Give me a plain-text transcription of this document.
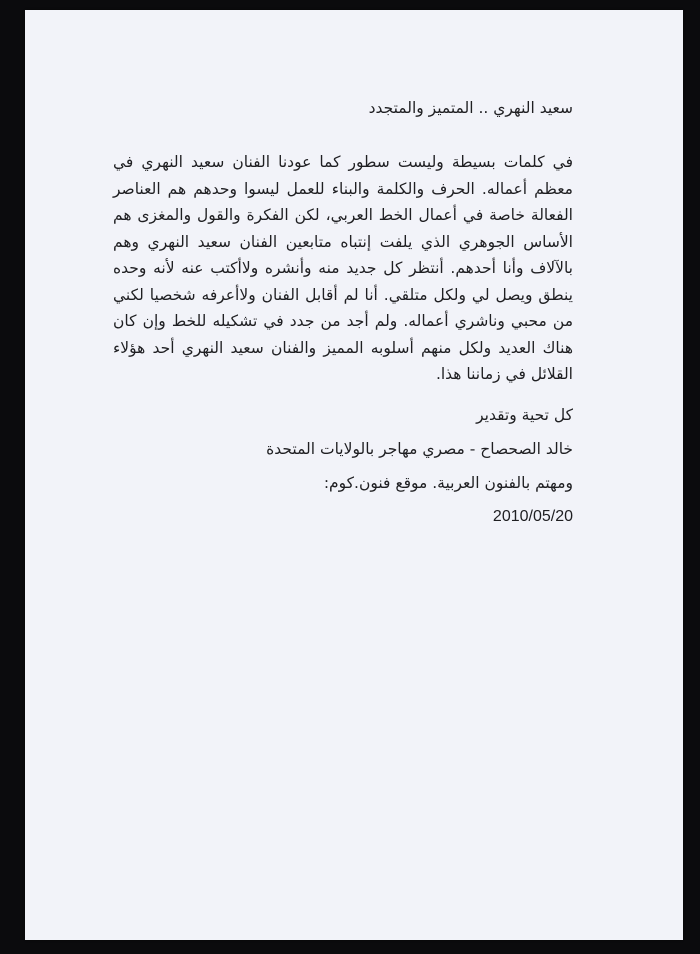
سعيد النهري .. المتميز والمتجدد

في كلمات بسيطة وليست سطور كما عودنا الفنان سعيد النهري في معظم أعماله. الحرف والكلمة والبناء للعمل ليسوا وحدهم هم العناصر الفعالة خاصة في أعمال الخط العربي، لكن الفكرة والقول والمغزى هم الأساس الجوهري الذي يلفت إنتباه متابعين الفنان سعيد النهري وهم بالآلاف وأنا أحدهم. أنتظر كل جديد منه وأنشره ولاأكتب عنه لأنه وحده ينطق ويصل لي ولكل متلقي. أنا لم أقابل الفنان ولاأعرفه شخصيا لكني من محبي وناشري أعماله. ولم أجد من جدد في تشكيله للخط وإن كان هناك العديد ولكل منهم أسلوبه المميز والفنان سعيد النهري أحد هؤلاء القلائل في زماننا هذا.

كل تحية وتقدير

خالد الصحصاح - مصري مهاجر بالولايات المتحدة

ومهتم بالفنون العربية. موقع فنون.كوم:

2010/05/20
